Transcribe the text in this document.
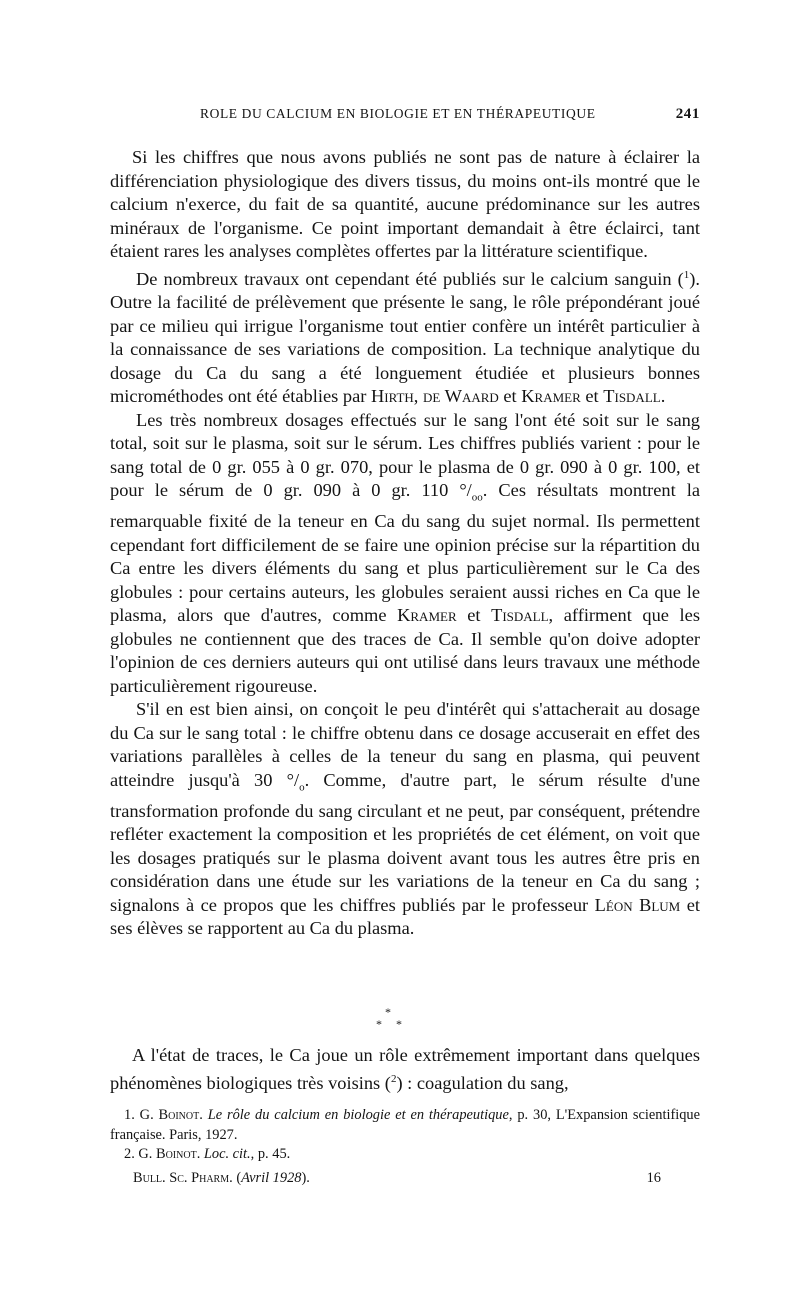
ROLE DU CALCIUM EN BIOLOGIE ET EN THÉRAPEUTIQUE	241

Si les chiffres que nous avons publiés ne sont pas de nature à éclairer la différenciation physiologique des divers tissus, du moins ont-ils montré que le calcium n'exerce, du fait de sa quantité, aucune prédominance sur les autres minéraux de l'organisme. Ce point important demandait à être éclairci, tant étaient rares les analyses complètes offertes par la littérature scientifique.

De nombreux travaux ont cependant été publiés sur le calcium sanguin ($^1$). Outre la facilité de prélèvement que présente le sang, le rôle prépondérant joué par ce milieu qui irrigue l'organisme tout entier confère un intérêt particulier à la connaissance de ses variations de composition. La technique analytique du dosage du Ca du sang a été longuement étudiée et plusieurs bonnes microméthodes ont été établies par Hirth, de Waard et Kramer et Tisdall.

Les très nombreux dosages effectués sur le sang l'ont été soit sur le sang total, soit sur le plasma, soit sur le sérum. Les chiffres publiés varient : pour le sang total de 0 gr. 055 à 0 gr. 070, pour le plasma de 0 gr. 090 à 0 gr. 100, et pour le sérum de 0 gr. 090 à 0 gr. 110 $^\circ/_{oo}$. Ces résultats montrent la remarquable fixité de la teneur en Ca du sang du sujet normal. Ils permettent cependant fort difficilement de se faire une opinion précise sur la répartition du Ca entre les divers éléments du sang et plus particulièrement sur le Ca des globules : pour certains auteurs, les globules seraient aussi riches en Ca que le plasma, alors que d'autres, comme Kramer et Tisdall, affirment que les globules ne contiennent que des traces de Ca. Il semble qu'on doive adopter l'opinion de ces derniers auteurs qui ont utilisé dans leurs travaux une méthode particulièrement rigoureuse.

S'il en est bien ainsi, on conçoit le peu d'intérêt qui s'attacherait au dosage du Ca sur le sang total : le chiffre obtenu dans ce dosage accuserait en effet des variations parallèles à celles de la teneur du sang en plasma, qui peuvent atteindre jusqu'à 30 $^\circ/_o$. Comme, d'autre part, le sérum résulte d'une transformation profonde du sang circulant et ne peut, par conséquent, prétendre refléter exactement la composition et les propriétés de cet élément, on voit que les dosages pratiqués sur le plasma doivent avant tous les autres être pris en considération dans une étude sur les variations de la teneur en Ca du sang ; signalons à ce propos que les chiffres publiés par le professeur Léon Blum et ses élèves se rapportent au Ca du plasma.

*
* *

A l'état de traces, le Ca joue un rôle extrêmement important dans quelques phénomènes biologiques très voisins ($^2$) : coagulation du sang,

1. G. Boinot. Le rôle du calcium en biologie et en thérapeutique, p. 30, L'Expansion scientifique française. Paris, 1927.

2. G. Boinot. Loc. cit., p. 45.

Bull. Sc. Pharm. (Avril 1928).	16
